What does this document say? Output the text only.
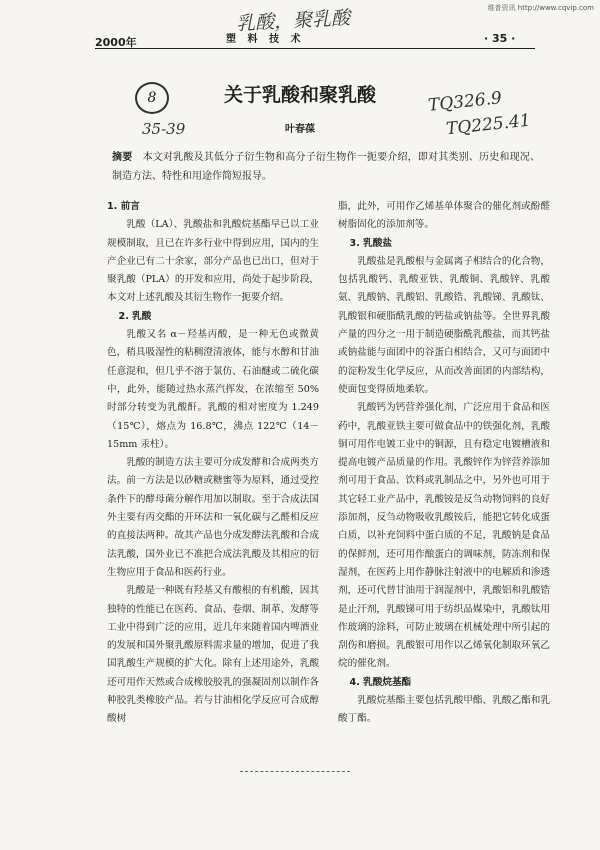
维普资讯 http://www.cqvip.com
乳酸，聚乳酸
2000年	塑 料 技 术	· 35 ·
8
35-39
TQ326.9
TQ225.41
关于乳酸和聚乳酸
叶春葆
摘要　 本文对乳酸及其低分子衍生物和高分子衍生物作一扼要介绍，即对其类别、历史和现况、制造方法、特性和用途作简短报导。

1. 前言

乳酸（LA）、乳酸盐和乳酸烷基酯早已以工业规模制取，且已在许多行业中得到应用，国内的生产企业已有二十余家，部分产品也已出口，但对于聚乳酸（PLA）的开发和应用，尚处于起步阶段，本文对上述乳酸及其衍生物作一扼要介绍。

2. 乳酸

乳酸又名 α－羟基丙酸，是一种无色或微黄色，稍具吸湿性的粘稠澄清液体，能与水醇和甘油任意混和，但几乎不溶于氯仿、石油醚或二硫化碳中，此外，能随过热水蒸汽挥发，在浓缩至 50% 时部分转变为乳酸酐。乳酸的相对密度为 1.249（15℃），熔点为 16.8℃，沸点 122℃（14－15mm 汞柱）。

乳酸的制造方法主要可分成发酵和合成两类方法。前一方法是以砂糖或糖蜜等为原料，通过受控条件下的酵母菌分解作用加以制取。至于合成法国外主要有丙交酯的开环法和一氧化碳与乙醛相反应的直接法两种。故其产品也分成发酵法乳酸和合成法乳酸，国外业已不准把合成法乳酸及其相应的衍生物应用于食品和医药行业。

乳酸是一种既有羟基又有酸根的有机酸，因其独特的性能已在医药、食品、卷烟、制革、发酵等工业中得到广泛的应用，近几年来随着国内啤酒业的发展和国外聚乳酸原料需求量的增加，促进了我国乳酸生产规模的扩大化。除有上述用途外，乳酸还可用作天然或合成橡胶胶乳的强凝固剂以制作各种胶乳类橡胶产品。若与甘油相化学反应可合成醇酸树

脂，此外，可用作乙烯基单体聚合的催化剂或酚醛树脂固化的添加剂等。

3. 乳酸盐

乳酸盐是乳酸根与金属离子相结合的化合物，包括乳酸钙、乳酸亚铁、乳酸铜、乳酸锌、乳酸氨、乳酸钠、乳酸铝、乳酸锆、乳酸锑、乳酸钛、乳酸银和硬脂酰乳酸的钙盐或钠盐等。全世界乳酸产量的四分之一用于制造硬脂酰乳酸盐，而其钙盐或钠盐能与面团中的谷蛋白相结合，又可与面团中的淀粉发生化学反应，从而改善面团的内部结构，使面包变得质地柔软。

乳酸钙为钙营养强化剂，广泛应用于食品和医药中，乳酸亚铁主要可做食品中的铁强化剂，乳酸铜可用作电镀工业中的铜源，且有稳定电镀槽液和提高电镀产品质量的作用。乳酸锌作为锌营养添加剂可用于食品、饮料或乳制品之中，另外也可用于其它轻工业产品中，乳酸铵是反刍动物饲料的良好添加剂，反刍动物吸收乳酸铵后，能把它转化成蛋白质，以补充饲料中蛋白质的不足，乳酸钠是食品的保鲜剂，还可用作酿蛋白的调味剂，防冻剂和保湿剂，在医药上用作静脉注射液中的电解质和渗透剂，还可代替甘油用于润湿剂中，乳酸铝和乳酸锆是止汗剂，乳酸锑可用于纺织品媒染中，乳酸钛用作玻璃的涂料，可防止玻璃在机械处理中所引起的刮伤和磨损。乳酸银可用作以乙烯氧化制取环氧乙烷的催化剂。

4. 乳酸烷基酯

乳酸烷基酯主要包括乳酸甲酯、乳酸乙酯和乳酸丁酯。
